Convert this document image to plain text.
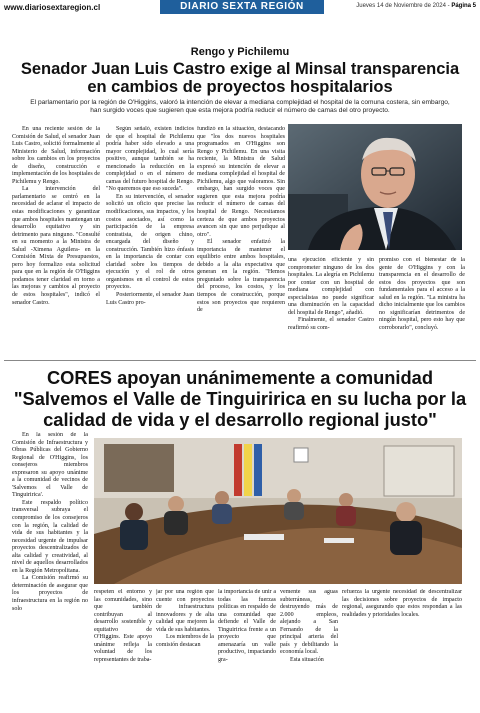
www.diariosextaregion.cl	DIARIO SEXTA REGIÓN	Jueves 14 de Noviembre de 2024 - Página 5
Rengo y Pichilemu
Senador Juan Luis Castro exige al Minsal transparencia en cambios de proyectos hospitalarios
El parlamentario por la región de O'Higgins, valoró la intención de elevar a mediana complejidad el hospital de la comuna costera, sin embargo,
han surgido voces que sugieren que esta mejora podría reducir el número de camas del otro proyecto.

En una reciente sesión de la Comisión de Salud, el senador Juan Luis Castro, solicitó formalmente al Ministerio de Salud, información sobre los cambios en los proyectos de diseño, construcción e implementación de los hospitales de Pichilemu y Rengo.

La intervención del parlamentario se centró en la necesidad de aclarar el impacto de estas modificaciones y garantizar que ambos hospitales mantengan un desarrollo equitativo y sin detrimento para ninguno. "Consulté en su momento a la Ministra de Salud -Ximena Aguilera- en la Comisión Mixta de Presupuestos, pero hoy formalizo esta solicitud para que en la región de O'Higgins podamos tener claridad en torno a las mejoras y cambios al proyecto de estos hospitales", indicó el senador Castro.

Según señaló, existen indicios de que el hospital de Pichilemu podría haber sido elevado a una mayor complejidad, lo cual sería positivo, aunque también se ha mencionado la reducción en la complejidad o en el número de camas del futuro hospital de Rengo. "No queremos que eso suceda".

En su intervención, el senador solicitó un oficio que precise las modificaciones, sus impactos, y los costos asociados, así como la participación de la empresa contratista, de origen chino, encargada del diseño y construcción. También hizo énfasis en la importancia de contar con claridad sobre los tiempos de ejecución y el rol de otros organismos en el control de estos proyectos.

Posteriormente, el senador Juan Luis Castro pro-

fundizó en la situación, destacando que "los dos nuevos hospitales programados en O'Higgins son Rengo y Pichilemu. En una visita reciente, la Ministra de Salud expresó su intención de elevar a mediana complejidad el hospital de Pichilemu, algo que valoramos. Sin embargo, han surgido voces que sugieren que esta mejora podría reducir el número de camas del hospital de Rengo. Necesitamos certeza de que ambos proyectos avancen sin que uno perjudique al otro".

El senador enfatizó la importancia de mantener el equilibrio entre ambos hospitales, debido a la alta expectativa que generan en la región. "Hemos preguntado sobre la transparencia del proceso, los costos, y los tiempos de construcción, porque estos son proyectos que requieren de

una ejecución eficiente y sin comprometer ninguno de los dos hospitales. La alegría en Pichilemu por contar con un hospital de mediana complejidad con especialistas no puede significar una disminución en la capacidad del hospital de Rengo", añadió.

Finalmente, el senador Castro reafirmó su com-

promiso con el bienestar de la gente de O'Higgins y con la transparencia en el desarrollo de estos dos proyectos que son fundamentales para el acceso a la salud en la región. "La ministra ha dicho inicialmente que los cambios no significarían detrimentos de ningún hospital, pero esto hay que corroborarlo", concluyó.

CORES apoyan unánimemente a comunidad "Salvemos el Valle de Tinguiririca en su lucha por la calidad de vida y el desarrollo regional justo"

En la sesión de la Comisión de Infraestructura y Obras Públicas del Gobierno Regional de O'Higgins, los consejeros miembros expresaron su apoyo unánime a la comunidad de vecinos de 'Salvemos el Valle de Tinguiririca'.

Este respaldo político transversal subraya el compromiso de los consejeros con la región, la calidad de vida de sus habitantes y la necesidad urgente de impulsar proyectos descentralizados de alta calidad y creatividad, al nivel de aquellos desarrollados en la Región Metropolitana.

La Comisión reafirmó su determinación de asegurar que los proyectos de infraestructura en la región no solo

respeten el entorno y las comunidades, sino que también contribuyan al desarrollo sostenible y equitativo de O'Higgins. Este apoyo unánime refleja la voluntad de los representantes de traba-

jar por una región que cuente con proyectos de infraestructura innovadores y de alta calidad que mejoren la vida de sus habitantes.

Los miembros de la comisión destacan

la importancia de unir a todas las fuerzas políticas en respaldo de una comunidad que defiende el Valle de Tinguiririca frente a un proyecto que amenazaría un valle productivo, impactando gra-

vemente sus aguas subterráneas, destruyendo más de 2.000 empleos, alejando a San Fernando de la principal arteria del país y debilitando la economía local.

Esta situación

refuerza la urgente necesidad de descentralizar las decisiones sobre proyectos de impacto regional, asegurando que estos respondan a las realidades y prioridades locales.
